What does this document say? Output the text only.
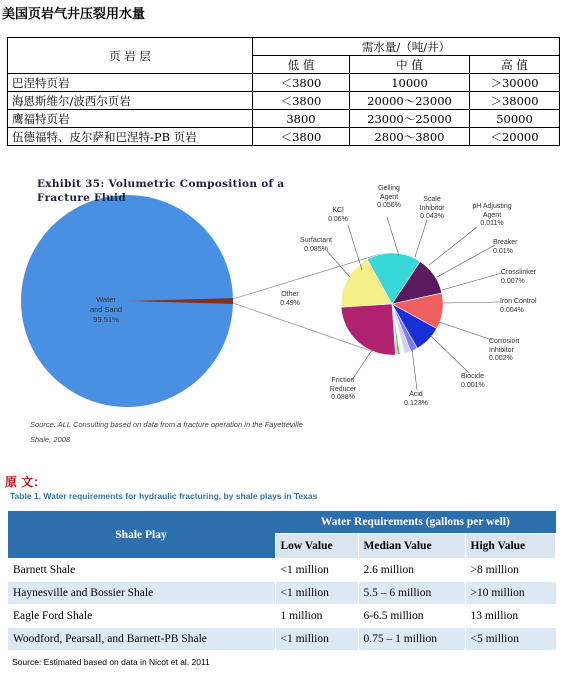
美国页岩气井压裂用水量
页 岩 层	需水量/（吨/井）		
	低 值	中 值	高 值
巴涅特页岩	＜3800	10000	＞30000
海恩斯维尔/波西尔页岩	＜3800	20000～23000	＞38000
鹰福特页岩	3800	23000～25000	50000
伍德福特、皮尔萨和巴涅特-PB 页岩	＜3800	2800～3800	＜20000
Exhibit 35: Volumetric Composition of a
Fracture Fluid
Water
and Sand
99.51%
Other
0.49%
KCl
0.06%
Gelling
Agent
0.056%
Scale
Inhibitor
0.043%
pH Adjusting
Agent
0.011%
Surfactant
0.085%
Breaker
0.01%
Crosslinker
0.007%
Iron Control
0.004%
Corrosion
Inhibitor
0.002%
Biocide
0.001%
Acid
0.123%
Friction
Reducer
0.088%
Source: ALL Consulting based on data from a fracture operation in the Fayetteville
Shale, 2008
原 文：
Table 1. Water requirements for hydraulic fracturing, by shale plays in Texas
Shale Play	Water Requirements (gallons per well)		
	Low Value	Median Value	High Value
Barnett Shale	<1 million	2.6 million	>8 million
Haynesville and Bossier Shale	<1 million	5.5 – 6 million	>10 million
Eagle Ford Shale	1 million	6-6.5 million	13 million
Woodford, Pearsall, and Barnett-PB Shale	<1 million	0.75 – 1 million	<5 million
Source: Estimated based on data in Nicot et al. 2011
